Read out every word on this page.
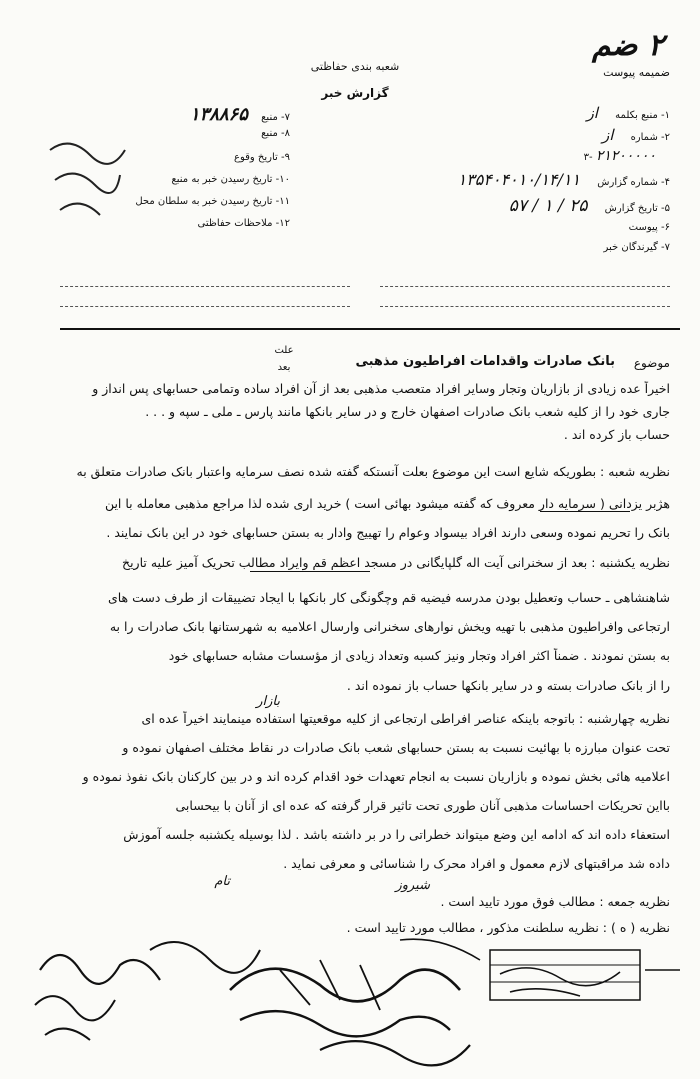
۲ ضم
ضمیمه پیوست
شعبه بندی حفاظتی
گزارش خبر
۱- منبع بکلمه از
۲- شماره از
۳- ۲۱۲۰۰۰۰۰
۴- شماره گزارش ۱۳۵۴۰۴۰۱۰/۱۴/۱۱
۵- تاریخ گزارش ۲۵ / ۱ / ۵۷
۶- پیوست
۷- گیرندگان خبر
۷- منبع ۱۳۸۸۶۵
۸- منبع
۹- تاریخ وقوع
۱۰- تاریخ رسیدن خبر به منبع
۱۱- تاریخ رسیدن خبر به سلطان محل
۱۲- ملاحظات حفاظتی
علت
بعد	موضوع
بانک صادرات واقدامات افراطیون مذهبی
اخیراً عده زیادی از بازاریان وتجار وسایر افراد متعصب مذهبی بعد از آن افراد ساده وتمامی حسابهای پس انداز و
جاری خود را از کلیه شعب بانک صادرات اصفهان خارج و در سایر بانکها مانند پارس ـ ملی ـ سپه و . . .
حساب باز کرده اند .
نظریه شعبه : بطوریکه شایع است این موضوع بعلت آنستکه گفته شده نصف سرمایه واعتبار بانک صادرات متعلق به
هژبر یزدانی ( سرمایه دار معروف که گفته میشود بهائی است ) خرید اری شده لذا مراجع مذهبی معامله با این
بانک را تحریم نموده وسعی دارند افراد بیسواد وعوام را تهییج وادار به بستن حسابهای خود در این بانک نمایند .
نظریه یکشنبه : بعد از سخنرانی آیت اله گلپایگانی در مسجد اعظم قم وایراد مطالب تحریک آمیز علیه تاریخ
شاهنشاهی ـ حساب وتعطیل بودن مدرسه فیضیه قم وچگونگی کار بانکها با ایجاد تضییقات از طرف دست های
ارتجاعی وافراطیون مذهبی با تهیه ویخش نوارهای سخنرانی وارسال اعلامیه به شهرستانها بانک صادرات را به
به بستن نمودند . ضمناً اکثر افراد وتجار ونیز کسبه وتعداد زیادی از مؤسسات مشابه حسابهای خود
را از بانک صادرات بسته و در سایر بانکها حساب باز نموده اند .
نظریه چهارشنبه : باتوجه باینکه عناصر افراطی ارتجاعی از کلیه موقعیتها استفاده مینمایند اخیراً عده ای
تحت عنوان مبارزه با بهائیت نسبت به بستن حسابهای شعب بانک صادرات در نقاط مختلف اصفهان نموده و
اعلامیه هائی بخش نموده و بازاریان نسبت به انجام تعهدات خود اقدام کرده اند و در بین کارکنان بانک نفوذ نموده و
بااین تحریکات احساسات مذهبی آنان طوری تحت تاثیر قرار گرفته که عده ای از آنان با بیحسابی
استعفاء داده اند که ادامه این وضع میتواند خطراتی را در بر داشته باشد . لذا بوسیله یکشنبه جلسه آموزش
داده شد مراقبتهای لازم معمول و افراد محرک را شناسائی و معرفی نماید .
نظریه جمعه : مطالب فوق مورد تایید است .
نظریه ( ه ) : نظریه سلطنت مذکور ، مطالب مورد تایید است .
بازار
تام	شیروز
